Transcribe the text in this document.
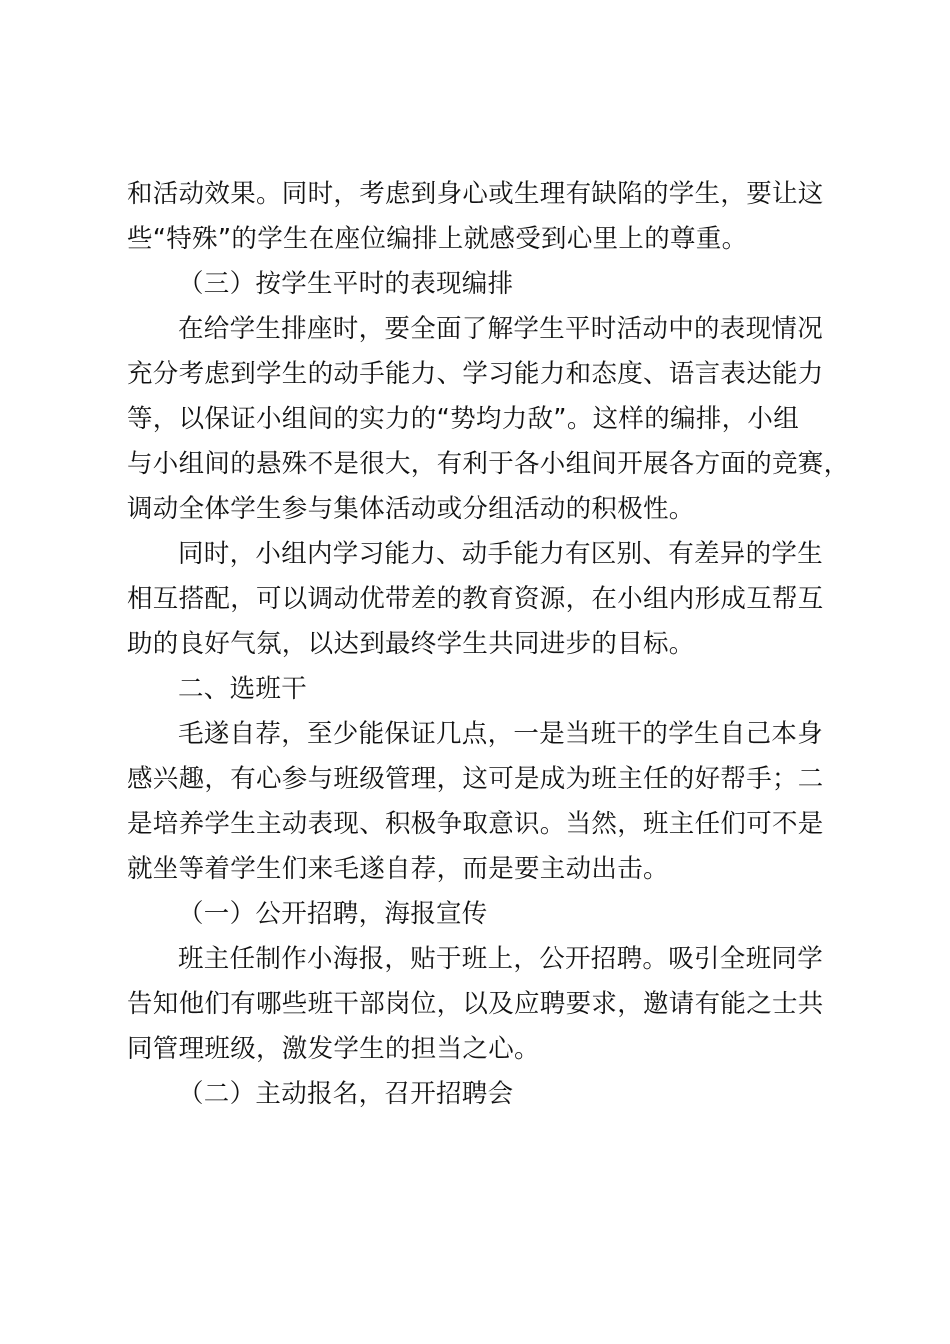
和活动效果。同时，考虑到身心或生理有缺陷的学生，要让这
些“特殊”的学生在座位编排上就感受到心里上的尊重。
（三）按学生平时的表现编排
在给学生排座时，要全面了解学生平时活动中的表现情况
充分考虑到学生的动手能力、学习能力和态度、语言表达能力
等，以保证小组间的实力的“势均力敌”。这样的编排，小组
与小组间的悬殊不是很大，有利于各小组间开展各方面的竞赛，
调动全体学生参与集体活动或分组活动的积极性。
同时，小组内学习能力、动手能力有区别、有差异的学生
相互搭配，可以调动优带差的教育资源，在小组内形成互帮互
助的良好气氛，以达到最终学生共同进步的目标。
二、选班干
毛遂自荐，至少能保证几点，一是当班干的学生自己本身
感兴趣，有心参与班级管理，这可是成为班主任的好帮手；二
是培养学生主动表现、积极争取意识。当然，班主任们可不是
就坐等着学生们来毛遂自荐，而是要主动出击。
（一）公开招聘，海报宣传
班主任制作小海报，贴于班上，公开招聘。吸引全班同学
告知他们有哪些班干部岗位，以及应聘要求，邀请有能之士共
同管理班级，激发学生的担当之心。
（二）主动报名，召开招聘会
